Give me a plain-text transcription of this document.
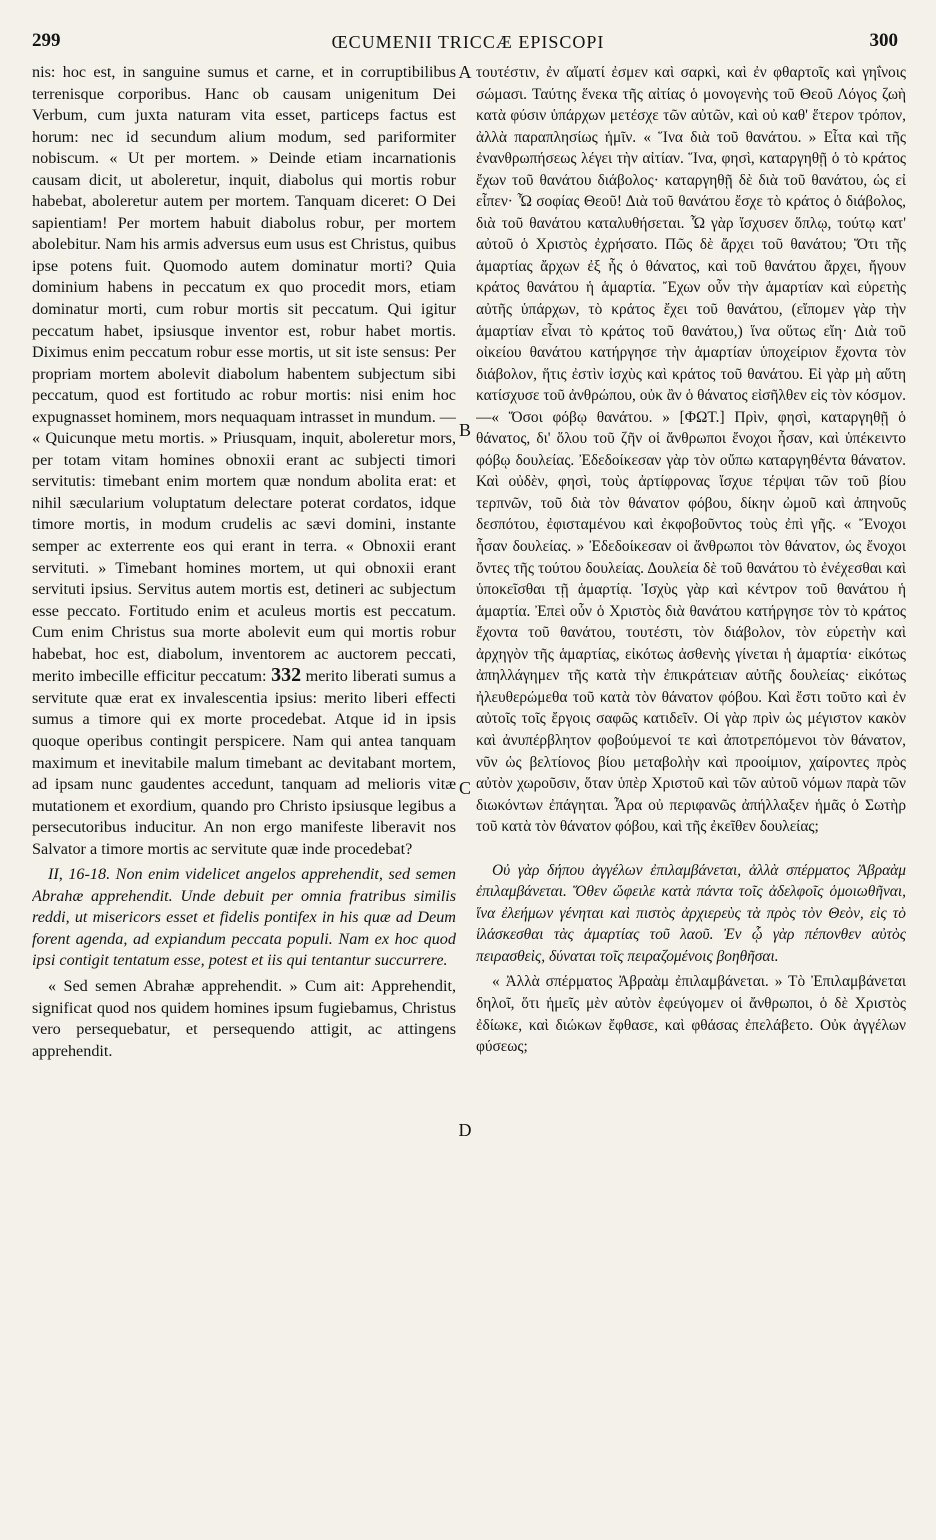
299	ŒCUMENII TRICCÆ EPISCOPI	300

nis: hoc est, in sanguine sumus et carne, et in corruptibilibus terrenisque corporibus. Hanc ob causam unigenitum Dei Verbum, cum juxta naturam vita esset, particeps factus est horum: nec id secundum alium modum, sed pariformiter nobiscum. « Ut per mortem. » Deinde etiam incarnationis causam dicit, ut aboleretur, inquit, diabolus qui mortis robur habebat, aboleretur autem per mortem. Tanquam diceret: O Dei sapientiam! Per mortem habuit diabolus robur, per mortem abolebitur. Nam his armis adversus eum usus est Christus, quibus ipse potens fuit. Quomodo autem dominatur morti? Quia dominium habens in peccatum ex quo procedit mors, etiam dominatur morti, cum robur mortis sit peccatum. Qui igitur peccatum habet, ipsiusque inventor est, robur habet mortis. Diximus enim peccatum robur esse mortis, ut sit iste sensus: Per propriam mortem abolevit diabolum habentem subjectum sibi peccatum, quod est fortitudo ac robur mortis: nisi enim hoc expugnasset hominem, mors nequaquam intrasset in mundum. — « Quicunque metu mortis. » Priusquam, inquit, aboleretur mors, per totam vitam homines obnoxii erant ac subjecti timori servitutis: timebant enim mortem quæ nondum abolita erat: et nihil sæcularium voluptatum delectare poterat cordatos, idque timore mortis, in modum crudelis ac sævi domini, instante semper ac exterrente eos qui erant in terra. « Obnoxii erant servituti. » Timebant homines mortem, ut qui obnoxii erant servituti ipsius. Servitus autem mortis est, detineri ac subjectum esse peccato. Fortitudo enim et aculeus mortis est peccatum. Cum enim Christus sua morte abolevit eum qui mortis robur habebat, hoc est, diabolum, inventorem ac auctorem peccati, merito imbecille efficitur peccatum: 332 merito liberati sumus a servitute quæ erat ex invalescentia ipsius: merito liberi effecti sumus a timore qui ex morte procedebat. Atque id in ipsis quoque operibus contingit perspicere. Nam qui antea tanquam maximum et inevitabile malum timebant ac devitabant mortem, ad ipsam nunc gaudentes accedunt, tanquam ad melioris vitæ mutationem et exordium, quando pro Christo ipsiusque legibus a persecutoribus inducitur. An non ergo manifeste liberavit nos Salvator a timore mortis ac servitute quæ inde procedebat?

II, 16-18. Non enim videlicet angelos apprehendit, sed semen Abrahæ apprehendit. Unde debuit per omnia fratribus similis reddi, ut misericors esset et fidelis pontifex in his quæ ad Deum forent agenda, ad expiandum peccata populi. Nam ex hoc quod ipsi contigit tentatum esse, potest et iis qui tentantur succurrere.

« Sed semen Abrahæ apprehendit. » Cum ait: Apprehendit, significat quod nos quidem homines ipsum fugiebamus, Christus vero persequebatur, et persequendo attigit, ac attingens apprehendit.

A
B
C
D

τουτέστιν, ἐν αἵματί ἐσμεν καὶ σαρκὶ, καὶ ἐν φθαρτοῖς καὶ γηΐνοις σώμασι. Ταύτης ἕνεκα τῆς αἰτίας ὁ μονογενὴς τοῦ Θεοῦ Λόγος ζωὴ κατὰ φύσιν ὑπάρχων μετέσχε τῶν αὐτῶν, καὶ οὐ καθ' ἕτερον τρόπον, ἀλλὰ παραπλησίως ἡμῖν. « Ἵνα διὰ τοῦ θανάτου. » Εἶτα καὶ τῆς ἐνανθρωπήσεως λέγει τὴν αἰτίαν. Ἵνα, φησὶ, καταργηθῇ ὁ τὸ κράτος ἔχων τοῦ θανάτου διάβολος· καταργηθῇ δὲ διὰ τοῦ θανάτου, ὡς εἰ εἶπεν· Ὦ σοφίας Θεοῦ! Διὰ τοῦ θανάτου ἔσχε τὸ κράτος ὁ διάβολος, διὰ τοῦ θανάτου καταλυθήσεται. Ὧ γὰρ ἴσχυσεν ὅπλῳ, τούτῳ κατ' αὐτοῦ ὁ Χριστὸς ἐχρήσατο. Πῶς δὲ ἄρχει τοῦ θανάτου; Ὅτι τῆς ἁμαρτίας ἄρχων ἐξ ἧς ὁ θάνατος, καὶ τοῦ θανάτου ἄρχει, ἤγουν κράτος θανάτου ἡ ἁμαρτία. Ἔχων οὖν τὴν ἁμαρτίαν καὶ εὑρετὴς αὐτῆς ὑπάρχων, τὸ κράτος ἔχει τοῦ θανάτου, (εἴπομεν γὰρ τὴν ἁμαρτίαν εἶναι τὸ κράτος τοῦ θανάτου,) ἵνα οὕτως εἴη· Διὰ τοῦ οἰκείου θανάτου κατήργησε τὴν ἁμαρτίαν ὑποχείριον ἔχοντα τὸν διάβολον, ἥτις ἐστὶν ἰσχὺς καὶ κράτος τοῦ θανάτου. Εἰ γὰρ μὴ αὕτη κατίσχυσε τοῦ ἀνθρώπου, οὐκ ἂν ὁ θάνατος εἰσῆλθεν εἰς τὸν κόσμον.—« Ὅσοι φόβῳ θανάτου. » [ΦΩΤ.] Πρὶν, φησὶ, καταργηθῇ ὁ θάνατος, δι' ὅλου τοῦ ζῆν οἱ ἄνθρωποι ἔνοχοι ἦσαν, καὶ ὑπέκειντο φόβῳ δουλείας. Ἐδεδοίκεσαν γὰρ τὸν οὔπω καταργηθέντα θάνατον. Καὶ οὐδὲν, φησὶ, τοὺς ἀρτίφρονας ἴσχυε τέρψαι τῶν τοῦ βίου τερπνῶν, τοῦ διὰ τὸν θάνατον φόβου, δίκην ὠμοῦ καὶ ἀπηνοῦς δεσπότου, ἐφισταμένου καὶ ἐκφοβοῦντος τοὺς ἐπὶ γῆς. « Ἔνοχοι ἦσαν δουλείας. » Ἐδεδοίκεσαν οἱ ἄνθρωποι τὸν θάνατον, ὡς ἔνοχοι ὄντες τῆς τούτου δουλείας. Δουλεία δὲ τοῦ θανάτου τὸ ἐνέχεσθαι καὶ ὑποκεῖσθαι τῇ ἁμαρτίᾳ. Ἰσχὺς γὰρ καὶ κέντρον τοῦ θανάτου ἡ ἁμαρτία. Ἐπεὶ οὖν ὁ Χριστὸς διὰ θανάτου κατήργησε τὸν τὸ κράτος ἔχοντα τοῦ θανάτου, τουτέστι, τὸν διάβολον, τὸν εὑρετὴν καὶ ἀρχηγὸν τῆς ἁμαρτίας, εἰκότως ἀσθενὴς γίνεται ἡ ἁμαρτία· εἰκότως ἀπηλλάγημεν τῆς κατὰ τὴν ἐπικράτειαν αὐτῆς δουλείας· εἰκότως ἠλευθερώμεθα τοῦ κατὰ τὸν θάνατον φόβου. Καὶ ἔστι τοῦτο καὶ ἐν αὐτοῖς τοῖς ἔργοις σαφῶς κατιδεῖν. Οἱ γὰρ πρὶν ὡς μέγιστον κακὸν καὶ ἀνυπέρβλητον φοβούμενοί τε καὶ ἀποτρεπόμενοι τὸν θάνατον, νῦν ὡς βελτίονος βίου μεταβολὴν καὶ προοίμιον, χαίροντες πρὸς αὐτὸν χωροῦσιν, ὅταν ὑπὲρ Χριστοῦ καὶ τῶν αὐτοῦ νόμων παρὰ τῶν διωκόντων ἐπάγηται. Ἆρα οὐ περιφανῶς ἀπήλλαξεν ἡμᾶς ὁ Σωτὴρ τοῦ κατὰ τὸν θάνατον φόβου, καὶ τῆς ἐκεῖθεν δουλείας;

Οὐ γὰρ δήπου ἀγγέλων ἐπιλαμβάνεται, ἀλλὰ σπέρματος Ἀβραὰμ ἐπιλαμβάνεται. Ὅθεν ὤφειλε κατὰ πάντα τοῖς ἀδελφοῖς ὁμοιωθῆναι, ἵνα ἐλεήμων γένηται καὶ πιστὸς ἀρχιερεὺς τὰ πρὸς τὸν Θεὸν, εἰς τὸ ἱλάσκεσθαι τὰς ἁμαρτίας τοῦ λαοῦ. Ἐν ᾧ γὰρ πέπονθεν αὐτὸς πειρασθεὶς, δύναται τοῖς πειραζομένοις βοηθῆσαι.

« Ἀλλὰ σπέρματος Ἀβραὰμ ἐπιλαμβάνεται. » Τὸ Ἐπιλαμβάνεται δηλοῖ, ὅτι ἡμεῖς μὲν αὐτὸν ἐφεύγομεν οἱ ἄνθρωποι, ὁ δὲ Χριστὸς ἐδίωκε, καὶ διώκων ἔφθασε, καὶ φθάσας ἐπελάβετο. Οὐκ ἀγγέλων φύσεως;
